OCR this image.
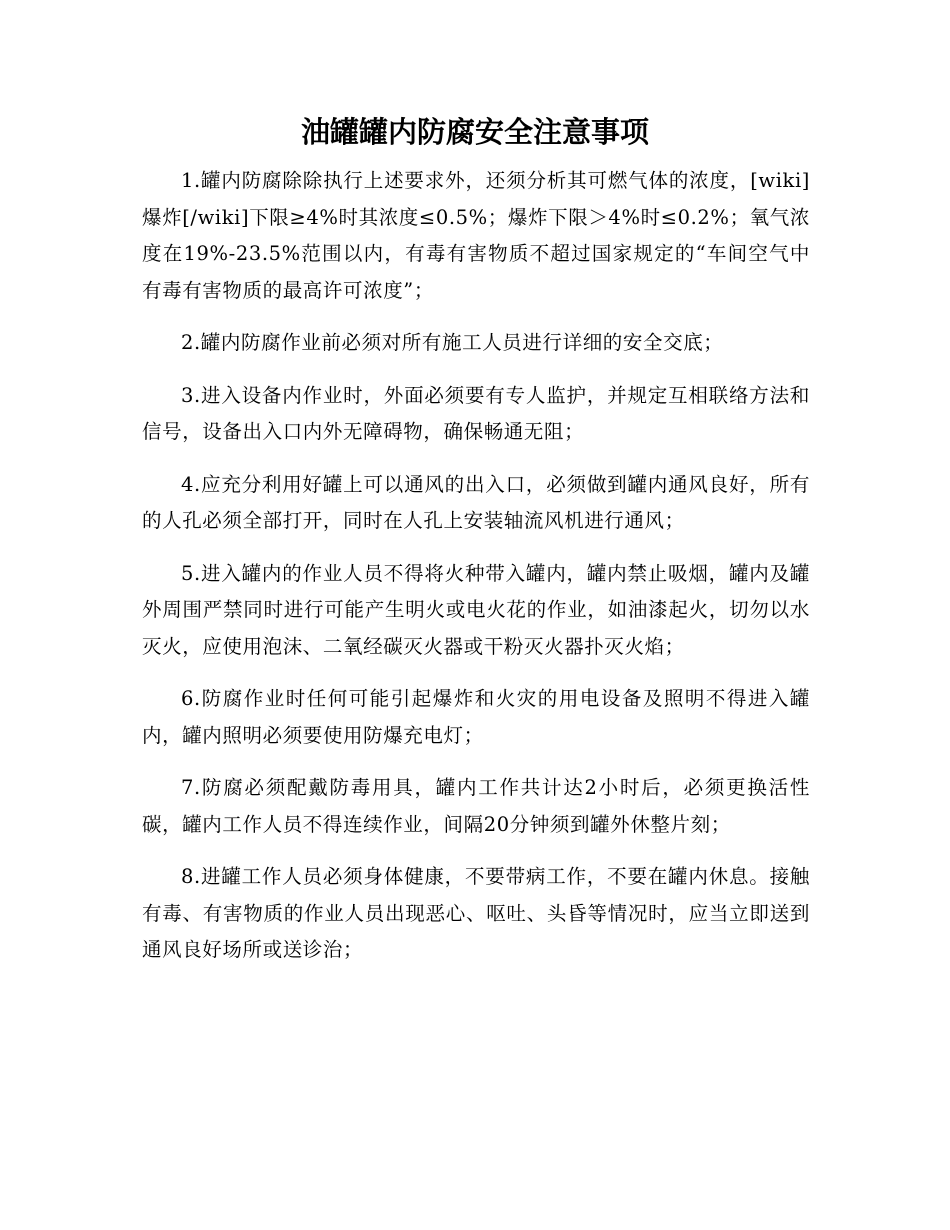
油罐罐内防腐安全注意事项

1.罐内防腐除除执行上述要求外，还须分析其可燃气体的浓度，[wiki]爆炸[/wiki]下限≥4%时其浓度≤0.5%；爆炸下限＞4%时≤0.2%；氧气浓度在19%-23.5%范围以内，有毒有害物质不超过国家规定的“车间空气中有毒有害物质的最高许可浓度”；

2.罐内防腐作业前必须对所有施工人员进行详细的安全交底；

3.进入设备内作业时，外面必须要有专人监护，并规定互相联络方法和信号，设备出入口内外无障碍物，确保畅通无阻；

4.应充分利用好罐上可以通风的出入口，必须做到罐内通风良好，所有的人孔必须全部打开，同时在人孔上安装轴流风机进行通风；

5.进入罐内的作业人员不得将火种带入罐内，罐内禁止吸烟，罐内及罐外周围严禁同时进行可能产生明火或电火花的作业，如油漆起火，切勿以水灭火，应使用泡沫、二氧经碳灭火器或干粉灭火器扑灭火焰；

6.防腐作业时任何可能引起爆炸和火灾的用电设备及照明不得进入罐内，罐内照明必须要使用防爆充电灯；

7.防腐必须配戴防毒用具，罐内工作共计达2小时后，必须更换活性碳，罐内工作人员不得连续作业，间隔20分钟须到罐外休整片刻；

8.进罐工作人员必须身体健康，不要带病工作，不要在罐内休息。接触有毒、有害物质的作业人员出现恶心、呕吐、头昏等情况时，应当立即送到通风良好场所或送诊治；
